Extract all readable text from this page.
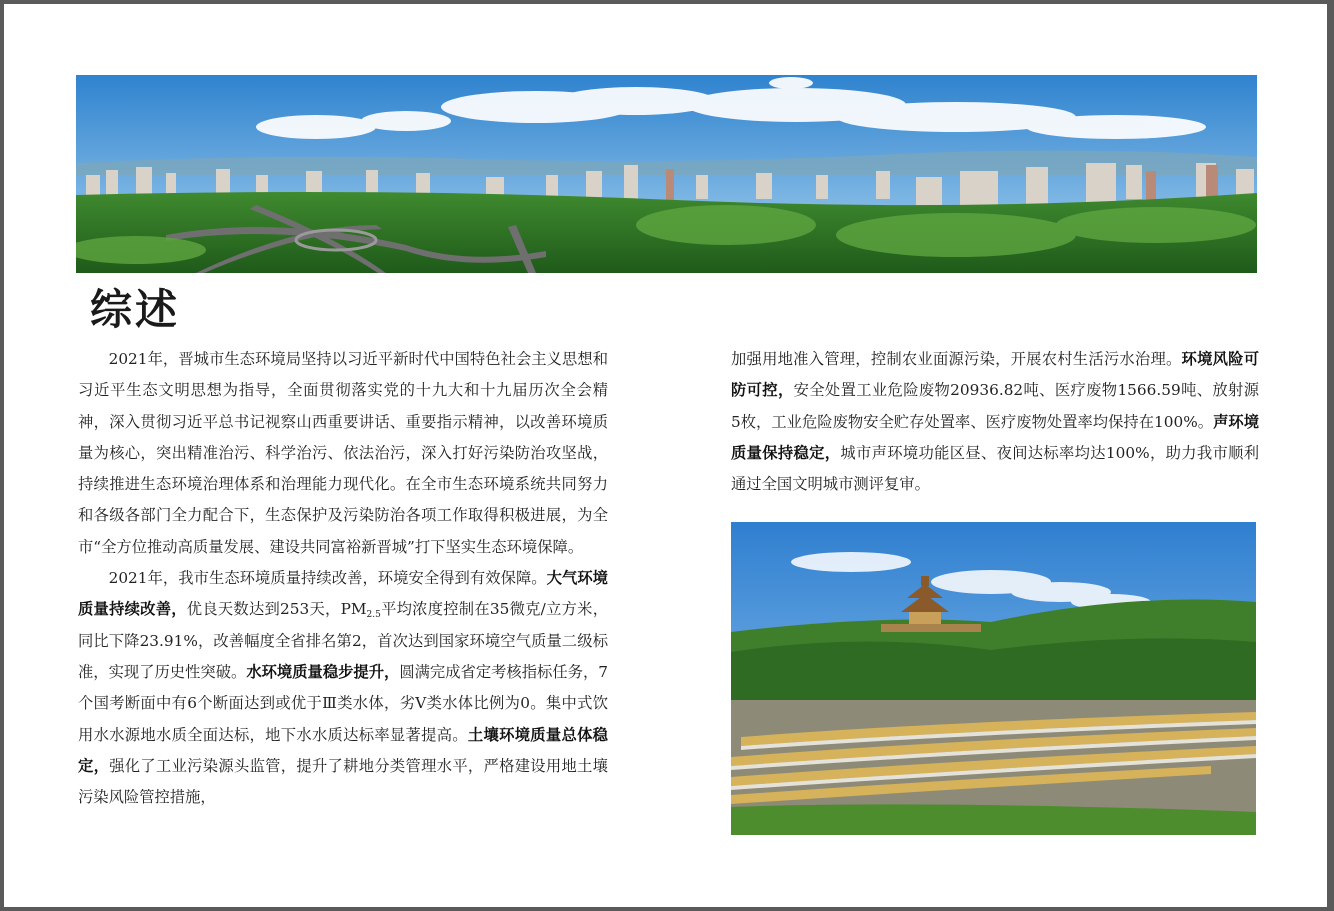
综述

2021年，晋城市生态环境局坚持以习近平新时代中国特色社会主义思想和习近平生态文明思想为指导，全面贯彻落实党的十九大和十九届历次全会精神，深入贯彻习近平总书记视察山西重要讲话、重要指示精神，以改善环境质量为核心，突出精准治污、科学治污、依法治污，深入打好污染防治攻坚战，持续推进生态环境治理体系和治理能力现代化。在全市生态环境系统共同努力和各级各部门全力配合下，生态保护及污染防治各项工作取得积极进展，为全市“全方位推动高质量发展、建设共同富裕新晋城”打下坚实生态环境保障。

2021年，我市生态环境质量持续改善，环境安全得到有效保障。大气环境质量持续改善，优良天数达到253天，$PM_{2.5}$平均浓度控制在35微克/立方米，同比下降23.91%，改善幅度全省排名第2，首次达到国家环境空气质量二级标准，实现了历史性突破。水环境质量稳步提升，圆满完成省定考核指标任务，7个国考断面中有6个断面达到或优于Ⅲ类水体，劣Ⅴ类水体比例为0。集中式饮用水水源地水质全面达标，地下水水质达标率显著提高。土壤环境质量总体稳定，强化了工业污染源头监管，提升了耕地分类管理水平，严格建设用地土壤污染风险管控措施，

加强用地准入管理，控制农业面源污染，开展农村生活污水治理。环境风险可防可控，安全处置工业危险废物20936.82吨、医疗废物1566.59吨、放射源5枚，工业危险废物安全贮存处置率、医疗废物处置率均保持在100%。声环境质量保持稳定，城市声环境功能区昼、夜间达标率均达100%，助力我市顺利通过全国文明城市测评复审。
